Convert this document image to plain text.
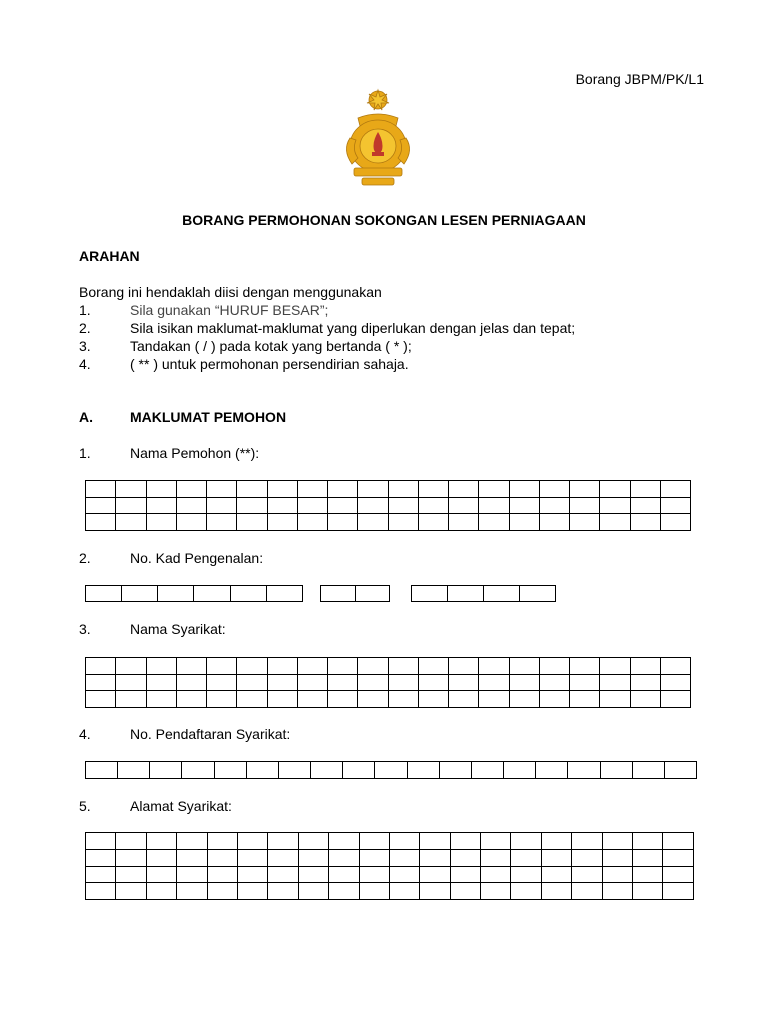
Borang JBPM/PK/L1
BORANG PERMOHONAN SOKONGAN LESEN PERNIAGAAN
ARAHAN
Borang ini hendaklah diisi dengan menggunakan
1.	Sila gunakan “HURUF BESAR”;
2.	Sila isikan maklumat-maklumat yang diperlukan dengan jelas dan tepat;
3.	Tandakan ( / ) pada kotak yang bertanda ( * );
4.	( ** ) untuk permohonan persendirian sahaja.
A.	MAKLUMAT PEMOHON
1.	Nama Pemohon (**):

2.	No. Kad Pengenalan:

3.	Nama Syarikat:

4.	No. Pendaftaran Syarikat:

5.	Alamat Syarikat:
